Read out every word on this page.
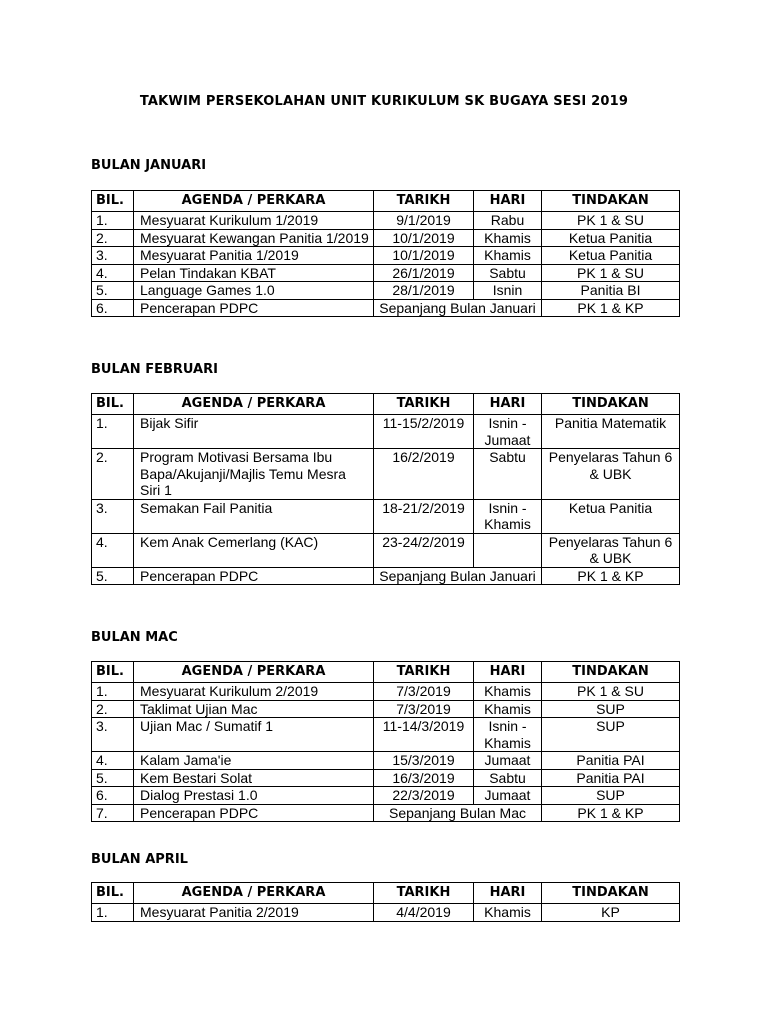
TAKWIM PERSEKOLAHAN UNIT KURIKULUM SK BUGAYA SESI 2019
BULAN JANUARI
BIL.	AGENDA / PERKARA	TARIKH	HARI	TINDAKAN
1.	Mesyuarat Kurikulum 1/2019	9/1/2019	Rabu	PK 1 & SU
2.	Mesyuarat Kewangan Panitia 1/2019	10/1/2019	Khamis	Ketua Panitia
3.	Mesyuarat Panitia 1/2019	10/1/2019	Khamis	Ketua Panitia
4.	Pelan Tindakan KBAT	26/1/2019	Sabtu	PK 1 & SU
5.	Language Games 1.0	28/1/2019	Isnin	Panitia BI
6.	Pencerapan PDPC	Sepanjang Bulan Januari		PK 1 & KP
BULAN FEBRUARI
BIL.	AGENDA / PERKARA	TARIKH	HARI	TINDAKAN
1.	Bijak Sifir	11-15/2/2019	Isnin - Jumaat	Panitia Matematik
2.	Program Motivasi Bersama Ibu Bapa/Akujanji/Majlis Temu Mesra Siri 1	16/2/2019	Sabtu	Penyelaras Tahun 6 & UBK
3.	Semakan Fail Panitia	18-21/2/2019	Isnin - Khamis	Ketua Panitia
4.	Kem Anak Cemerlang (KAC)	23-24/2/2019		Penyelaras Tahun 6 & UBK
5.	Pencerapan PDPC	Sepanjang Bulan Januari		PK 1 & KP
BULAN MAC
BIL.	AGENDA / PERKARA	TARIKH	HARI	TINDAKAN
1.	Mesyuarat Kurikulum 2/2019	7/3/2019	Khamis	PK 1 & SU
2.	Taklimat Ujian Mac	7/3/2019	Khamis	SUP
3.	Ujian Mac / Sumatif 1	11-14/3/2019	Isnin - Khamis	SUP
4.	Kalam Jama'ie	15/3/2019	Jumaat	Panitia PAI
5.	Kem Bestari Solat	16/3/2019	Sabtu	Panitia PAI
6.	Dialog Prestasi 1.0	22/3/2019	Jumaat	SUP
7.	Pencerapan PDPC	Sepanjang Bulan Mac		PK 1 & KP
BULAN APRIL
BIL.	AGENDA / PERKARA	TARIKH	HARI	TINDAKAN
1.	Mesyuarat Panitia 2/2019	4/4/2019	Khamis	KP
